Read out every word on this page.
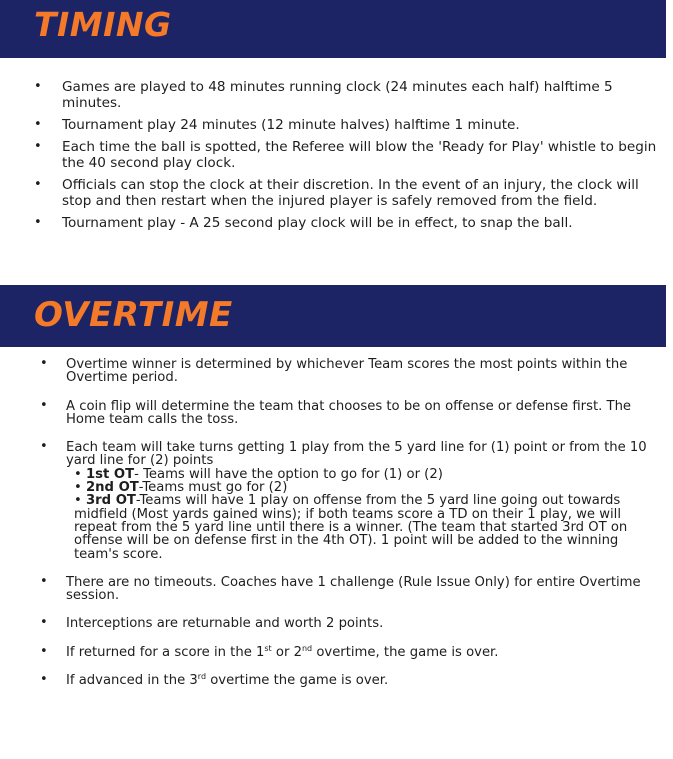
TIMING
• Games are played to 48 minutes running clock (24 minutes each half) halftime 5 minutes.
• Tournament play 24 minutes (12 minute halves) halftime 1 minute.
• Each time the ball is spotted, the Referee will blow the 'Ready for Play' whistle to begin the 40 second play clock.
• Officials can stop the clock at their discretion. In the event of an injury, the clock will stop and then restart when the injured player is safely removed from the field.
• Tournament play - A 25 second play clock will be in effect, to snap the ball.
OVERTIME
• Overtime winner is determined by whichever Team scores the most points within the Overtime period.
• A coin flip will determine the team that chooses to be on offense or defense first. The Home team calls the toss.
• Each team will take turns getting 1 play from the 5 yard line for (1) point or from the 10 yard line for (2) points
• 1st OT- Teams will have the option to go for (1) or (2)
• 2nd OT-Teams must go for (2)
• 3rd OT-Teams will have 1 play on offense from the 5 yard line going out towards midfield (Most yards gained wins); if both teams score a TD on their 1 play, we will repeat from the 5 yard line until there is a winner. (The team that started 3rd OT on offense will be on defense first in the 4th OT). 1 point will be added to the winning team's score.
• There are no timeouts. Coaches have 1 challenge (Rule Issue Only) for entire Overtime session.
• Interceptions are returnable and worth 2 points.
• If returned for a score in the 1st or 2nd overtime, the game is over.
• If advanced in the 3rd overtime the game is over.
